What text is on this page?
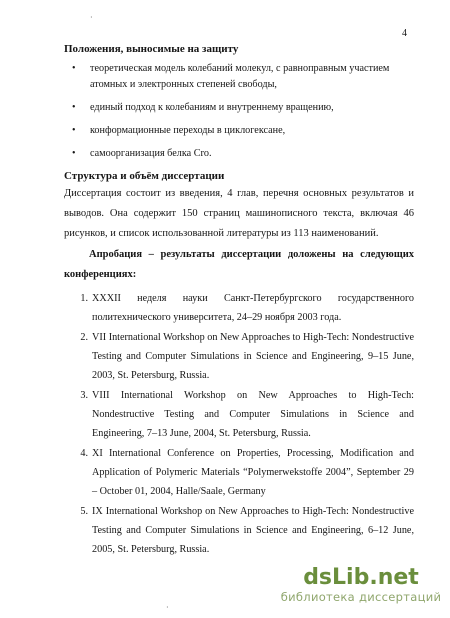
·
·
4
Положения, выносимые на защиту
• теоретическая модель колебаний молекул, с равноправным участием атомных и электронных степеней свободы,
• единый подход к колебаниям и внутреннему вращению,
• конформационные переходы в циклогексане,
• самоорганизация белка Cro.
Структура и объём диссертации
Диссертация состоит из введения, 4 глав, перечня основных результатов и выводов. Она содержит 150 страниц машинописного текста, включая 46 рисунков, и список использованной литературы из 113 наименований.
Апробация – результаты диссертации доложены на следующих конференциях:
1. XXXII неделя науки Санкт-Петербургского государственного политехнического университета, 24–29 ноября 2003 года.
2. VII International Workshop on New Approaches to High-Tech: Nondestructive Testing and Computer Simulations in Science and Engineering, 9–15 June, 2003, St. Petersburg, Russia.
3. VIII International Workshop on New Approaches to High-Tech: Nondestructive Testing and Computer Simulations in Science and Engineering, 7–13 June, 2004, St. Petersburg, Russia.
4. XI International Conference on Properties, Processing, Modification and Application of Polymeric Materials “Polymerwekstoffe 2004”, September 29 – October 01, 2004, Halle/Saale, Germany
5. IX International Workshop on New Approaches to High-Tech: Nondestructive Testing and Computer Simulations in Science and Engineering, 6–12 June, 2005, St. Petersburg, Russia.
dsLib.net
библиотека диссертаций
